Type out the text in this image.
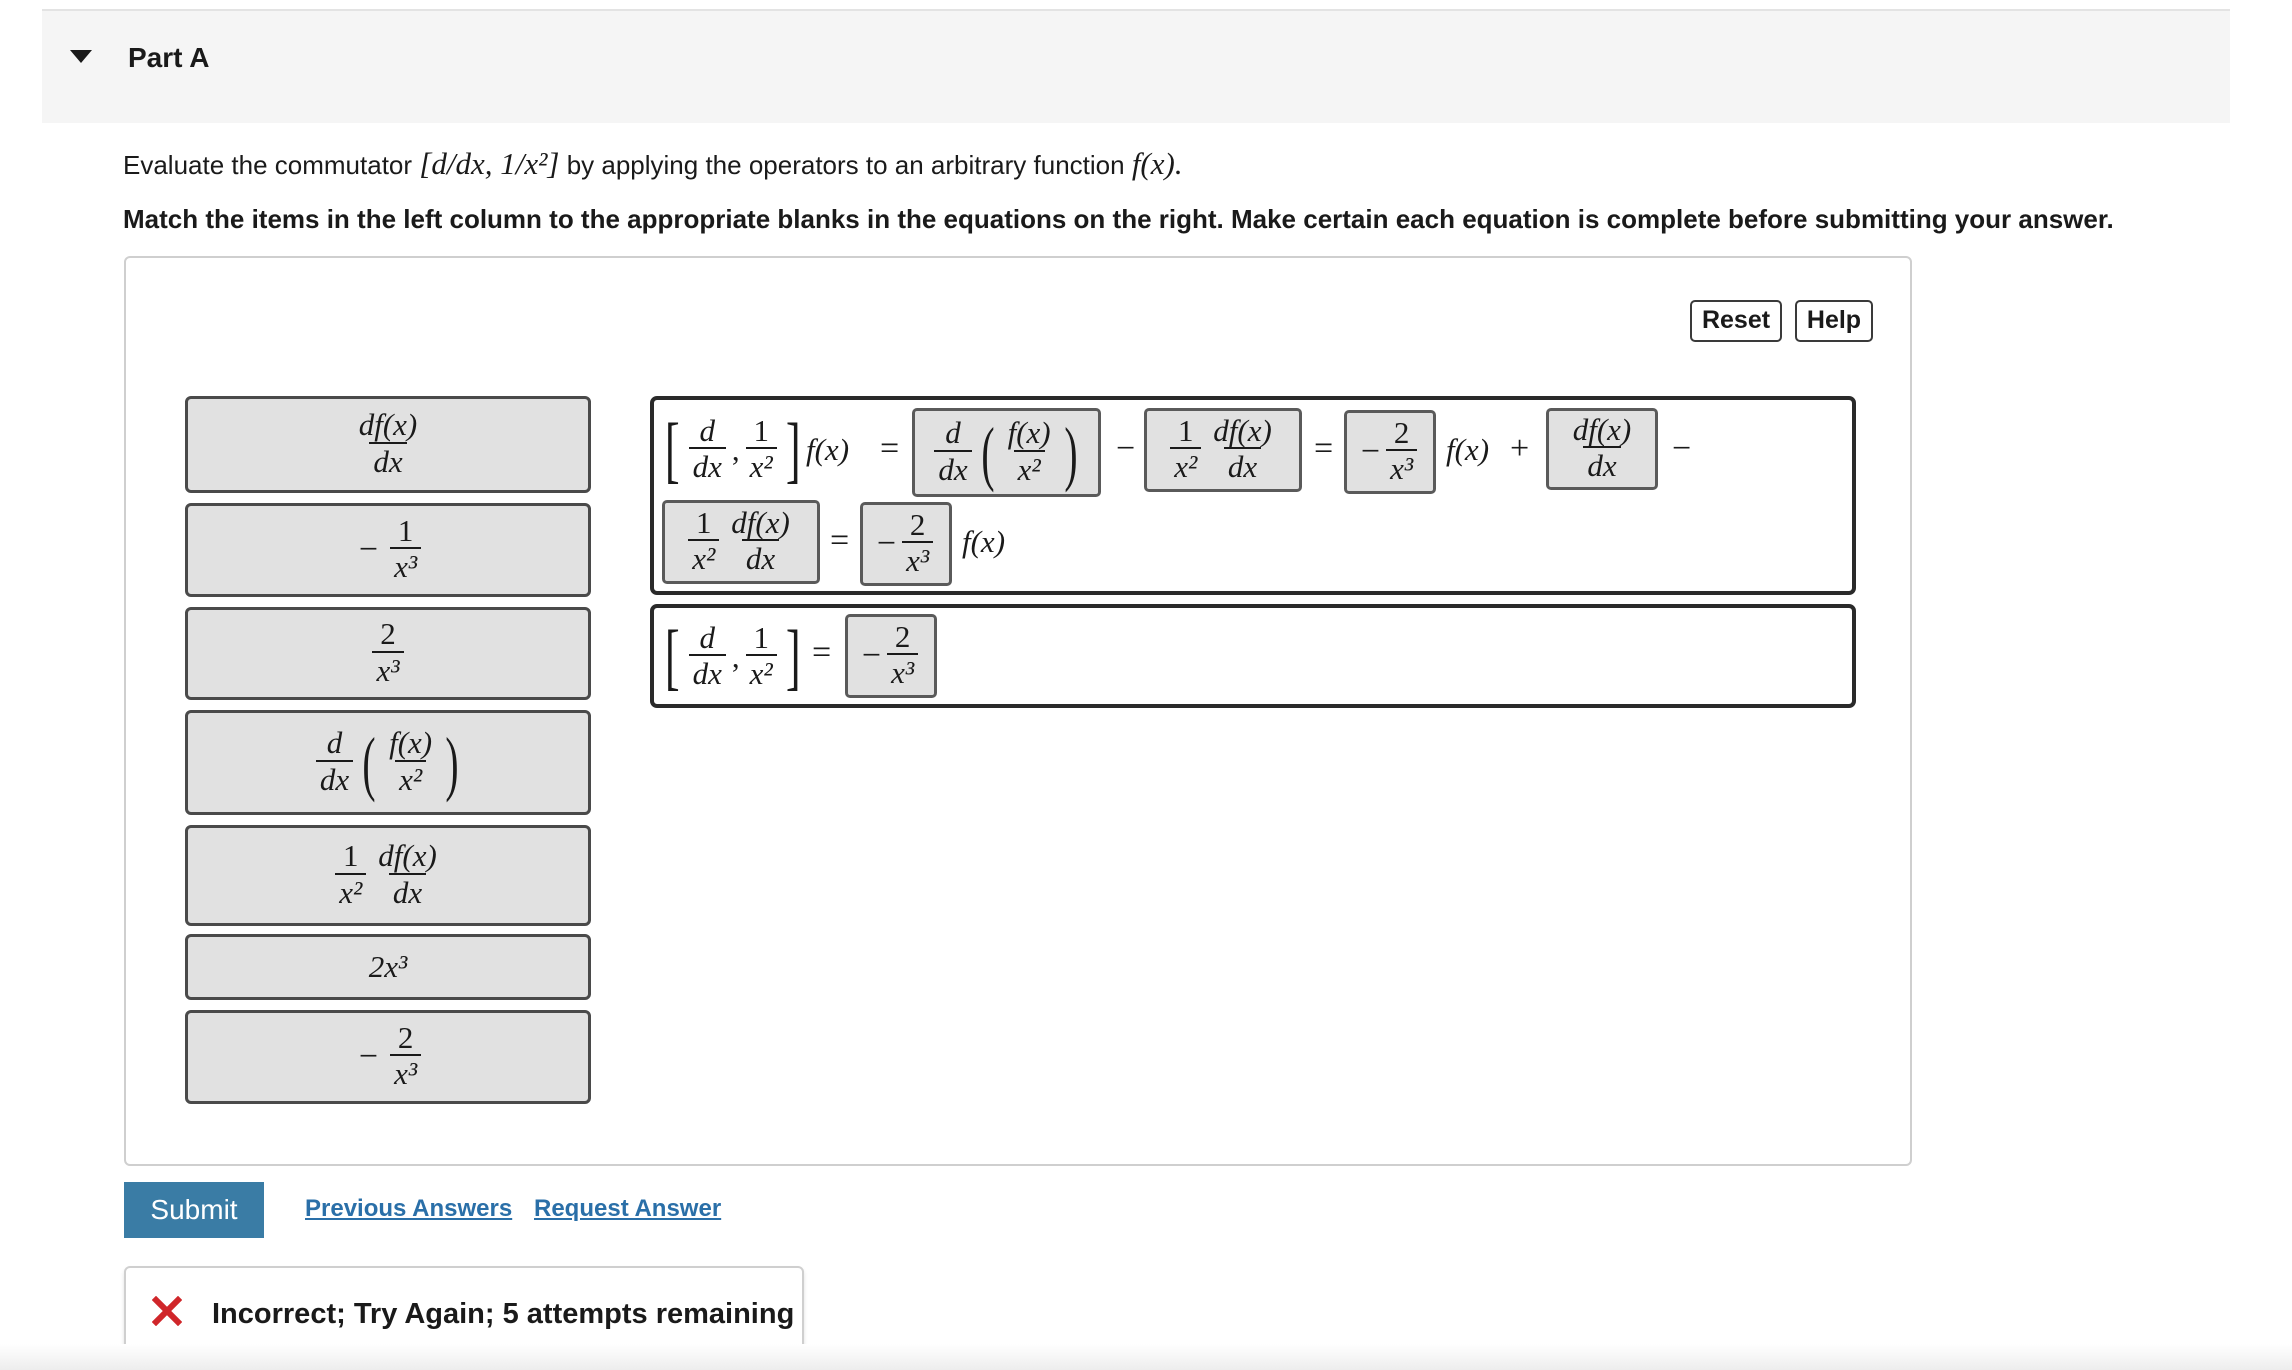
Part A
Evaluate the commutator [d/dx, 1/x²] by applying the operators to an arbitrary function f(x).
Match the items in the left column to the appropriate blanks in the equations on the right. Make certain each equation is complete before submitting your answer.
Reset	Help
$\frac{df(x)}{dx}$
− $\frac{1}{\text{x³}}$
$\frac{2}{\text{x³}}$
$\frac{d}{dx}$ ( $\frac{f(x)}{\text{x²}}$ )
$\frac{1}{\text{x²}} \frac{df(x)}{dx}$
2x³
− $\frac{2}{\text{x³}}$
[ $\frac{d}{dx}$ , $\frac{1}{\text{x²}}$ ] $f(x) = \frac{d}{dx}$ ( $\frac{f(x)}{\text{x²}}$ ) − $\frac{1}{\text{x²}} \frac{df(x)}{dx}$ = − $\frac{2}{\text{x³}} f(x) + \frac{df(x)}{dx}$ −
$\frac{1}{\text{x²}} \frac{df(x)}{dx}$ = − $\frac{2}{\text{x³}} f(x)$
[ $\frac{d}{dx}$ , $\frac{1}{\text{x²}}$ ] = − $\frac{2}{\text{x³}}$
Submit	Previous Answers Request Answer
Incorrect; Try Again; 5 attempts remaining
